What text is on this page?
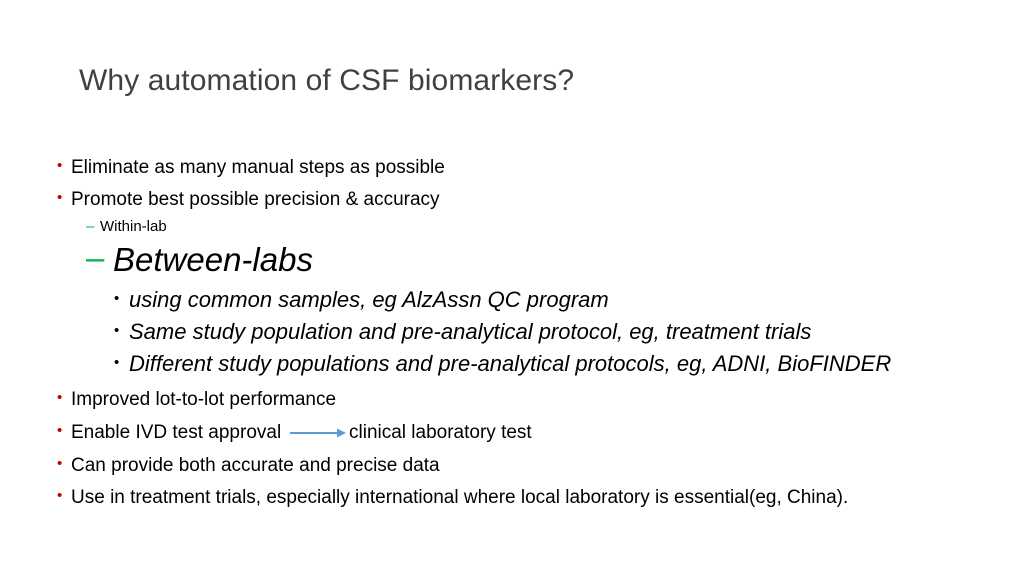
Why automation of CSF biomarkers?
• Eliminate as many manual steps as possible
• Promote best possible precision & accuracy
– Within-lab
– Between-labs
• using common samples, eg AlzAssn QC program
• Same study population and pre-analytical protocol, eg, treatment trials
• Different study populations and pre-analytical protocols, eg, ADNI, BioFINDER
• Improved lot-to-lot performance
• Enable IVD test approval	clinical laboratory test
• Can provide both accurate and precise data
• Use in treatment trials, especially international where local laboratory is essential(eg, China).
